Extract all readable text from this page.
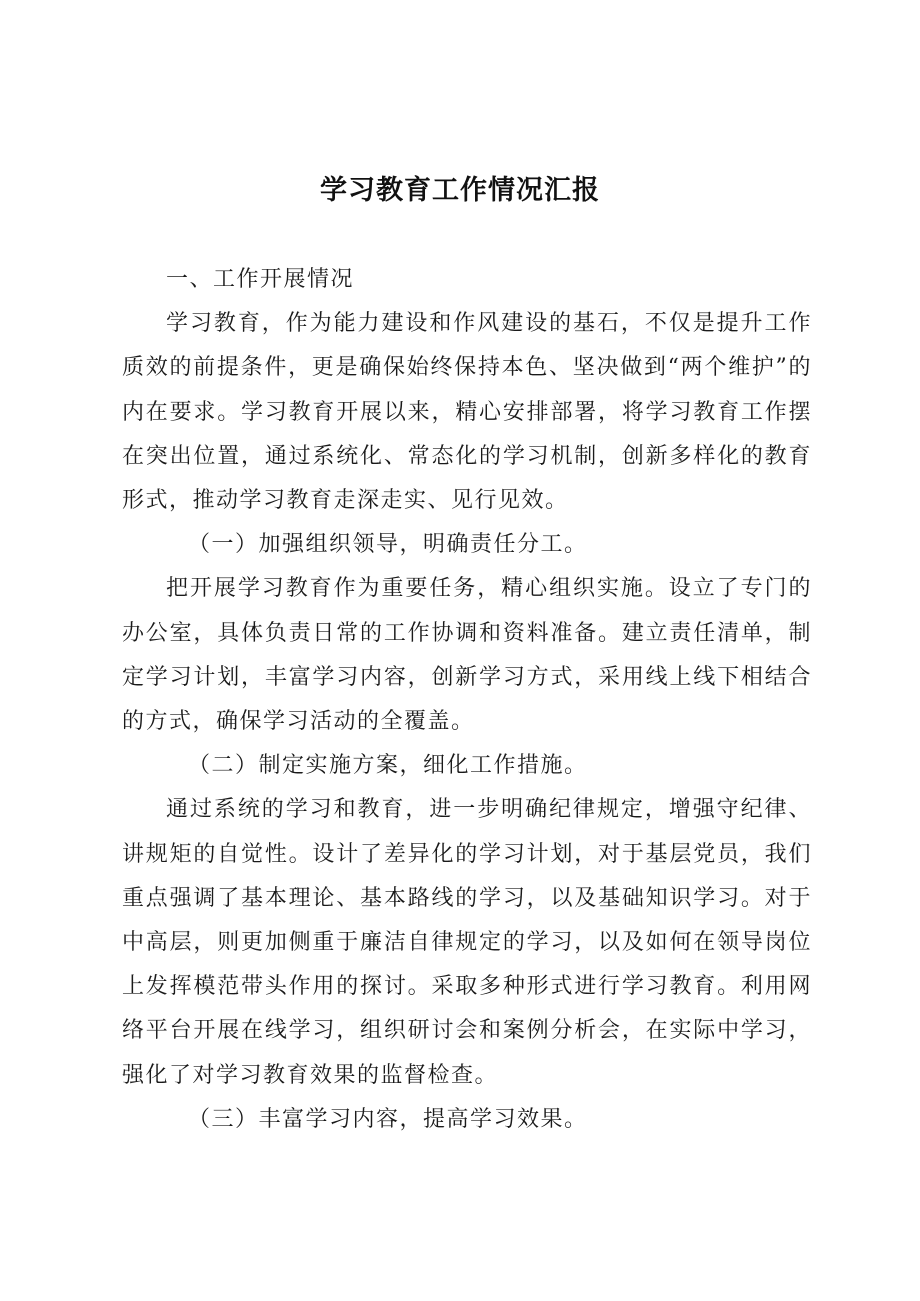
学习教育工作情况汇报

一、工作开展情况

学习教育，作为能力建设和作风建设的基石，不仅是提升工作质效的前提条件，更是确保始终保持本色、坚决做到“两个维护”的内在要求。学习教育开展以来，精心安排部署，将学习教育工作摆在突出位置，通过系统化、常态化的学习机制，创新多样化的教育形式，推动学习教育走深走实、见行见效。

（一）加强组织领导，明确责任分工。

把开展学习教育作为重要任务，精心组织实施。设立了专门的办公室，具体负责日常的工作协调和资料准备。建立责任清单，制定学习计划，丰富学习内容，创新学习方式，采用线上线下相结合的方式，确保学习活动的全覆盖。

（二）制定实施方案，细化工作措施。

通过系统的学习和教育，进一步明确纪律规定，增强守纪律、讲规矩的自觉性。设计了差异化的学习计划，对于基层党员，我们重点强调了基本理论、基本路线的学习，以及基础知识学习。对于中高层，则更加侧重于廉洁自律规定的学习，以及如何在领导岗位上发挥模范带头作用的探讨。采取多种形式进行学习教育。利用网络平台开展在线学习，组织研讨会和案例分析会，在实际中学习，强化了对学习教育效果的监督检查。

（三）丰富学习内容，提高学习效果。
